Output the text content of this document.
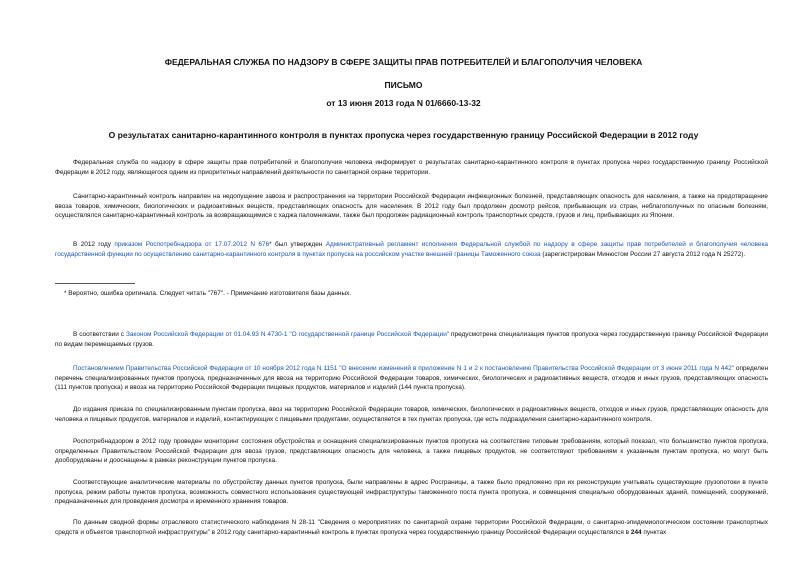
ФЕДЕРАЛЬНАЯ СЛУЖБА ПО НАДЗОРУ В СФЕРЕ ЗАЩИТЫ ПРАВ ПОТРЕБИТЕЛЕЙ И БЛАГОПОЛУЧИЯ ЧЕЛОВЕКА
ПИСЬМО
от 13 июня 2013 года N 01/6660-13-32
О результатах санитарно-карантинного контроля в пунктах пропуска через государственную границу Российской Федерации в 2012 году

Федеральная служба по надзору в сфере защиты прав потребителей и благополучия человека информирует о результатах санитарно-карантинного контроля в пунктах пропуска через государственную границу Российской Федерации в 2012 году, являющегося одним из приоритетных направлений деятельности по санитарной охране территории.

Санитарно-карантинный контроль направлен на недопущение завоза и распространения на территории Российской Федерации инфекционных болезней, представляющих опасность для населения, а также на предотвращение ввоза товаров, химических, биологических и радиоактивных веществ, представляющих опасность для населения. В 2012 году был продолжен досмотр рейсов, прибывающих из стран, неблагополучных по опасным болезням, осуществлялся санитарно-карантинный контроль за возвращающимися с хаджа паломниками, также был продолжен радиационный контроль транспортных средств, грузов и лиц, прибывающих из Японии.

В 2012 году приказом Роспотребнадзора от 17.07.2012 N 676* был утвержден Административный регламент исполнения Федеральной службой по надзору в сфере защиты прав потребителей и благополучия человека государственной функции по осуществлению санитарно-карантинного контроля в пунктах пропуска на российском участке внешней границы Таможенного союза (зарегистрирован Минюстом России 27 августа 2012 года N 25272).

* Вероятно, ошибка оригинала. Следует читать "767". - Примечание изготовителя базы данных.

В соответствии с Законом Российской Федерации от 01.04.93 N 4730-1 "О государственной границе Российской Федерации" предусмотрена специализация пунктов пропуска через государственную границу Российской Федерации по видам перемещаемых грузов.

Постановлением Правительства Российской Федерации от 10 ноября 2012 года N 1151 "О внесении изменений в приложение N 1 и 2 к постановлению Правительства Российской Федерации от 3 июня 2011 года N 442" определен перечень специализированных пунктов пропуска, предназначенных для ввоза на территорию Российской Федерации товаров, химических, биологических и радиоактивных веществ, отходов и иных грузов, представляющих опасность (111 пунктов пропуска) и ввоза на территорию Российской Федерации пищевых продуктов, материалов и изделий (144 пункта пропуска).

До издания приказа по специализированным пунктам пропуска, ввоз на территорию Российской Федерации товаров, химических, биологических и радиоактивных веществ, отходов и иных грузов, представляющих опасность для человека и пищевых продуктов, материалов и изделий, контактирующих с пищевыми продуктами, осуществляется в тех пунктах пропуска, где есть подразделения санитарно-карантинного контроля.

Роспотребнадзором в 2012 году проведен мониторинг состояния обустройства и оснащения специализированных пунктов пропуска на соответствие типовым требованиям, который показал, что большинство пунктов пропуска, определенных Правительством Российской Федерации для ввоза грузов, представляющих опасность для человека, а также пищевых продуктов, не соответствуют требованиям к указанным пунктам пропуска, но могут быть дооборудованы и дооснащены в рамках реконструкции пунктов пропуска.

Соответствующие аналитические материалы по обустройству данных пунктов пропуска, были направлены в адрес Росграницы, а также было предложено при их реконструкции учитывать существующие грузопотоки в пункте пропуска, режим работы пунктов пропуска, возможность совместного использования существующей инфраструктуры таможенного поста пункта пропуска, и совмещения специально оборудованных зданий, помещений, сооружений, предназначенных для проведения досмотра и временного хранения товаров.

По данным сводной формы отраслевого статистического наблюдения N 28-11 "Сведения о мероприятиях по санитарной охране территории Российской Федерации, о санитарно-эпидемиологическом состоянии транспортных средств и объектов транспортной инфраструктуры" в 2012 году санитарно-карантинный контроль в пунктах пропуска через государственную границу Российской Федерации осуществлялся в 244 пунктах
